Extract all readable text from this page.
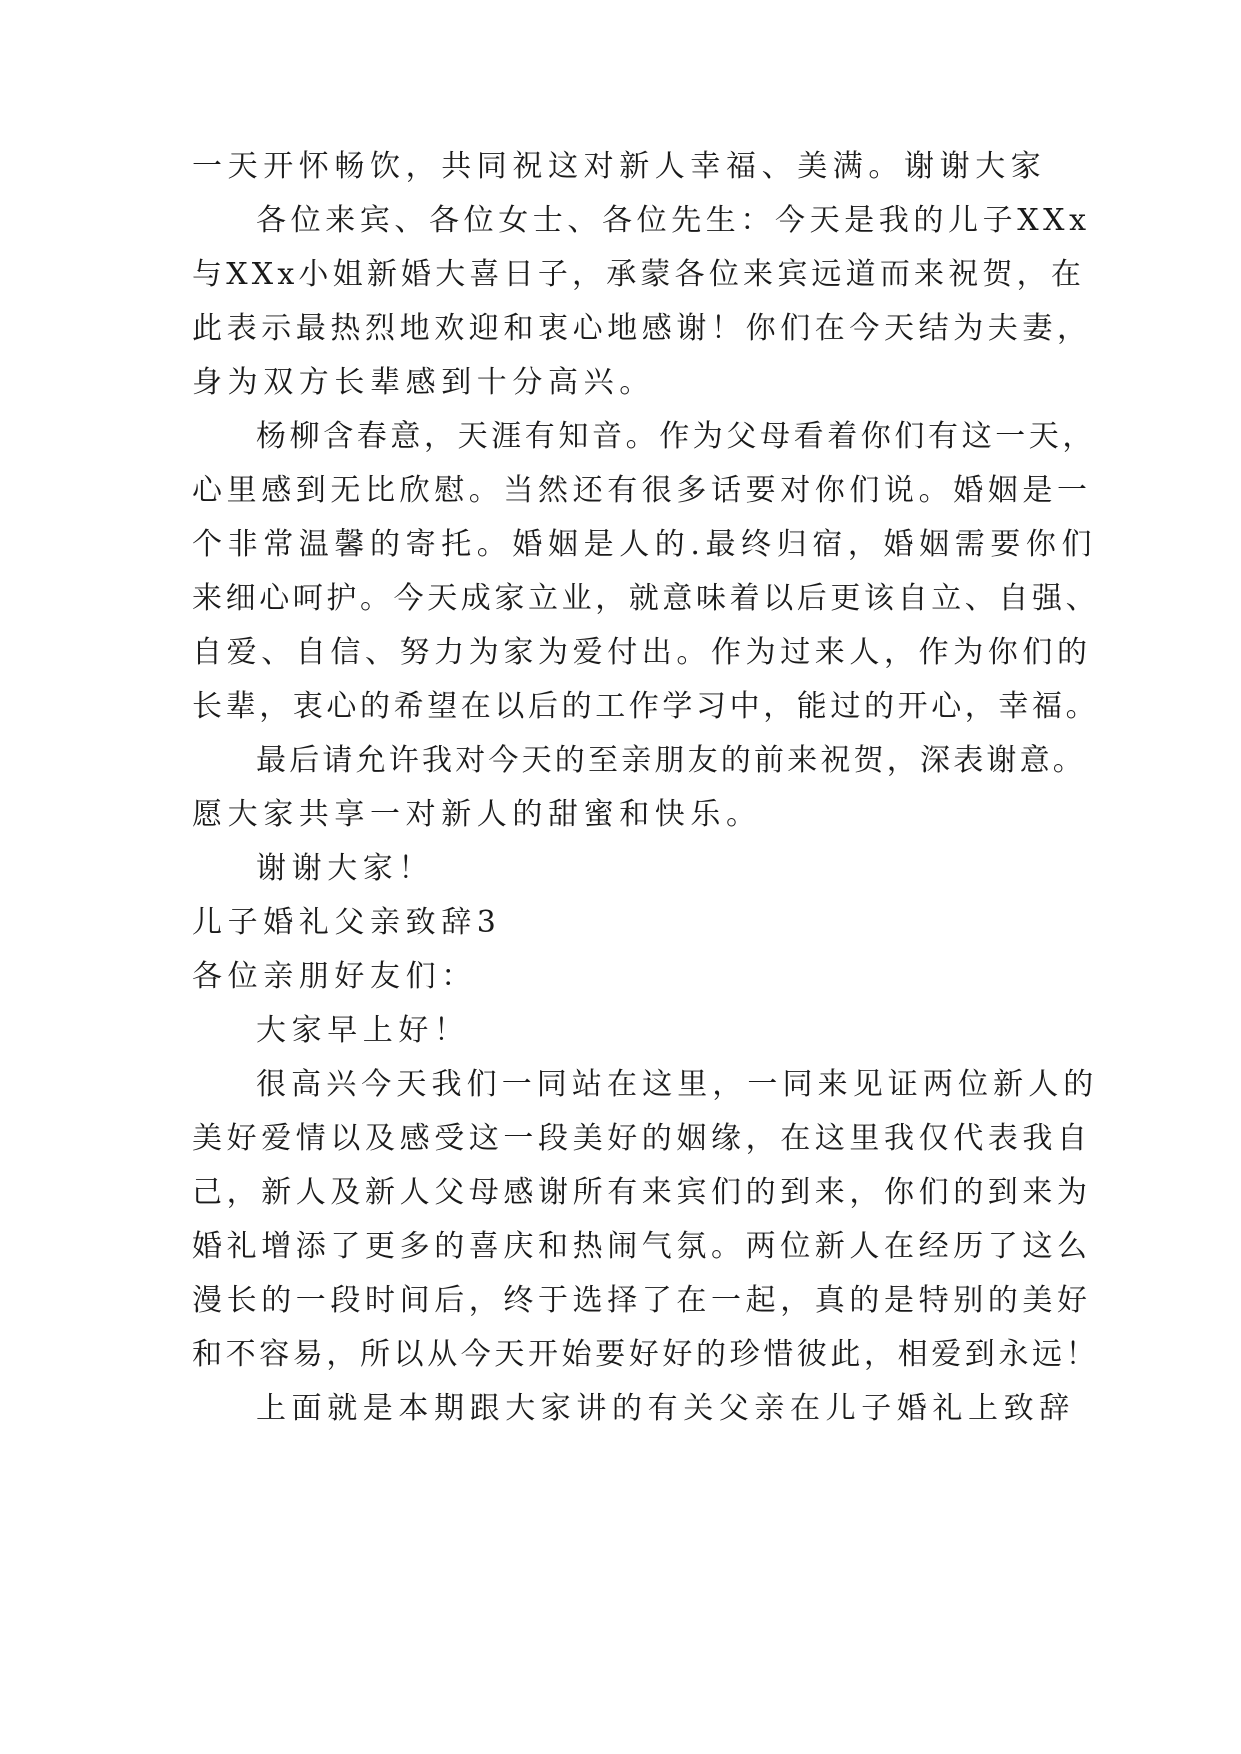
一天开怀畅饮，共同祝这对新人幸福、美满。谢谢大家

各位来宾、各位女士、各位先生：今天是我的儿子XXx

与XXx小姐新婚大喜日子，承蒙各位来宾远道而来祝贺，在

此表示最热烈地欢迎和衷心地感谢！你们在今天结为夫妻，

身为双方长辈感到十分高兴。

杨柳含春意，天涯有知音。作为父母看着你们有这一天，

心里感到无比欣慰。当然还有很多话要对你们说。婚姻是一

个非常温馨的寄托。婚姻是人的.最终归宿，婚姻需要你们

来细心呵护。今天成家立业，就意味着以后更该自立、自强、

自爱、自信、努力为家为爱付出。作为过来人，作为你们的

长辈，衷心的希望在以后的工作学习中，能过的开心，幸福。

最后请允许我对今天的至亲朋友的前来祝贺，深表谢意。

愿大家共享一对新人的甜蜜和快乐。

谢谢大家！

儿子婚礼父亲致辞3

各位亲朋好友们：

大家早上好！

很高兴今天我们一同站在这里，一同来见证两位新人的

美好爱情以及感受这一段美好的姻缘，在这里我仅代表我自

己，新人及新人父母感谢所有来宾们的到来，你们的到来为

婚礼增添了更多的喜庆和热闹气氛。两位新人在经历了这么

漫长的一段时间后，终于选择了在一起，真的是特别的美好

和不容易，所以从今天开始要好好的珍惜彼此，相爱到永远！

上面就是本期跟大家讲的有关父亲在儿子婚礼上致辞
